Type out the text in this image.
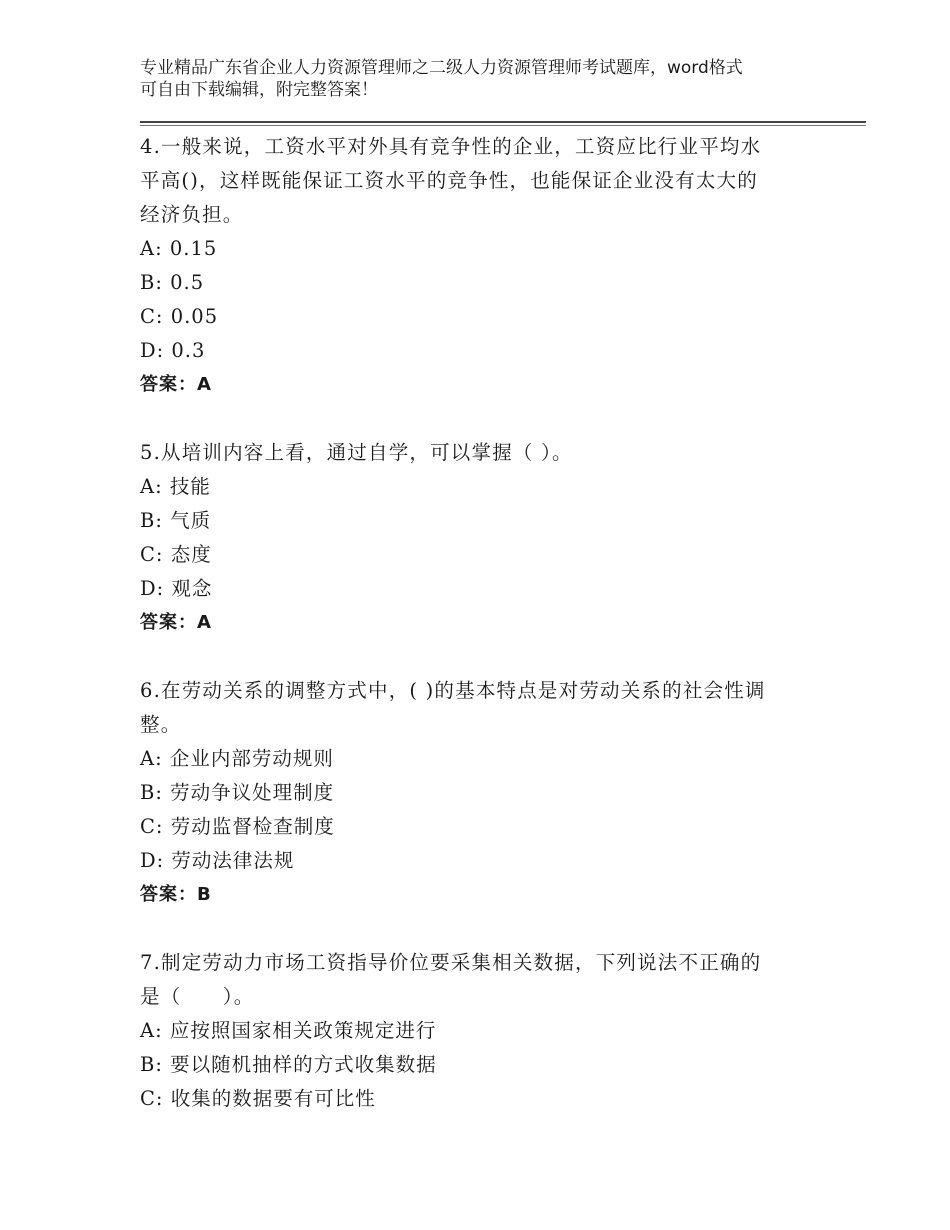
专业精品广东省企业人力资源管理师之二级人力资源管理师考试题库，word格式
可自由下载编辑，附完整答案！
4.一般来说，工资水平对外具有竞争性的企业，工资应比行业平均水
平高()，这样既能保证工资水平的竞争性，也能保证企业没有太大的
经济负担。
A: 0.15
B: 0.5
C: 0.05
D: 0.3
答案：A
5.从培训内容上看，通过自学，可以掌握（ ）。
A: 技能
B: 气质
C: 态度
D: 观念
答案：A
6.在劳动关系的调整方式中，( )的基本特点是对劳动关系的社会性调
整。
A: 企业内部劳动规则
B: 劳动争议处理制度
C: 劳动监督检查制度
D: 劳动法律法规
答案：B
7.制定劳动力市场工资指导价位要采集相关数据，下列说法不正确的
是（　　）。
A: 应按照国家相关政策规定进行
B: 要以随机抽样的方式收集数据
C: 收集的数据要有可比性
